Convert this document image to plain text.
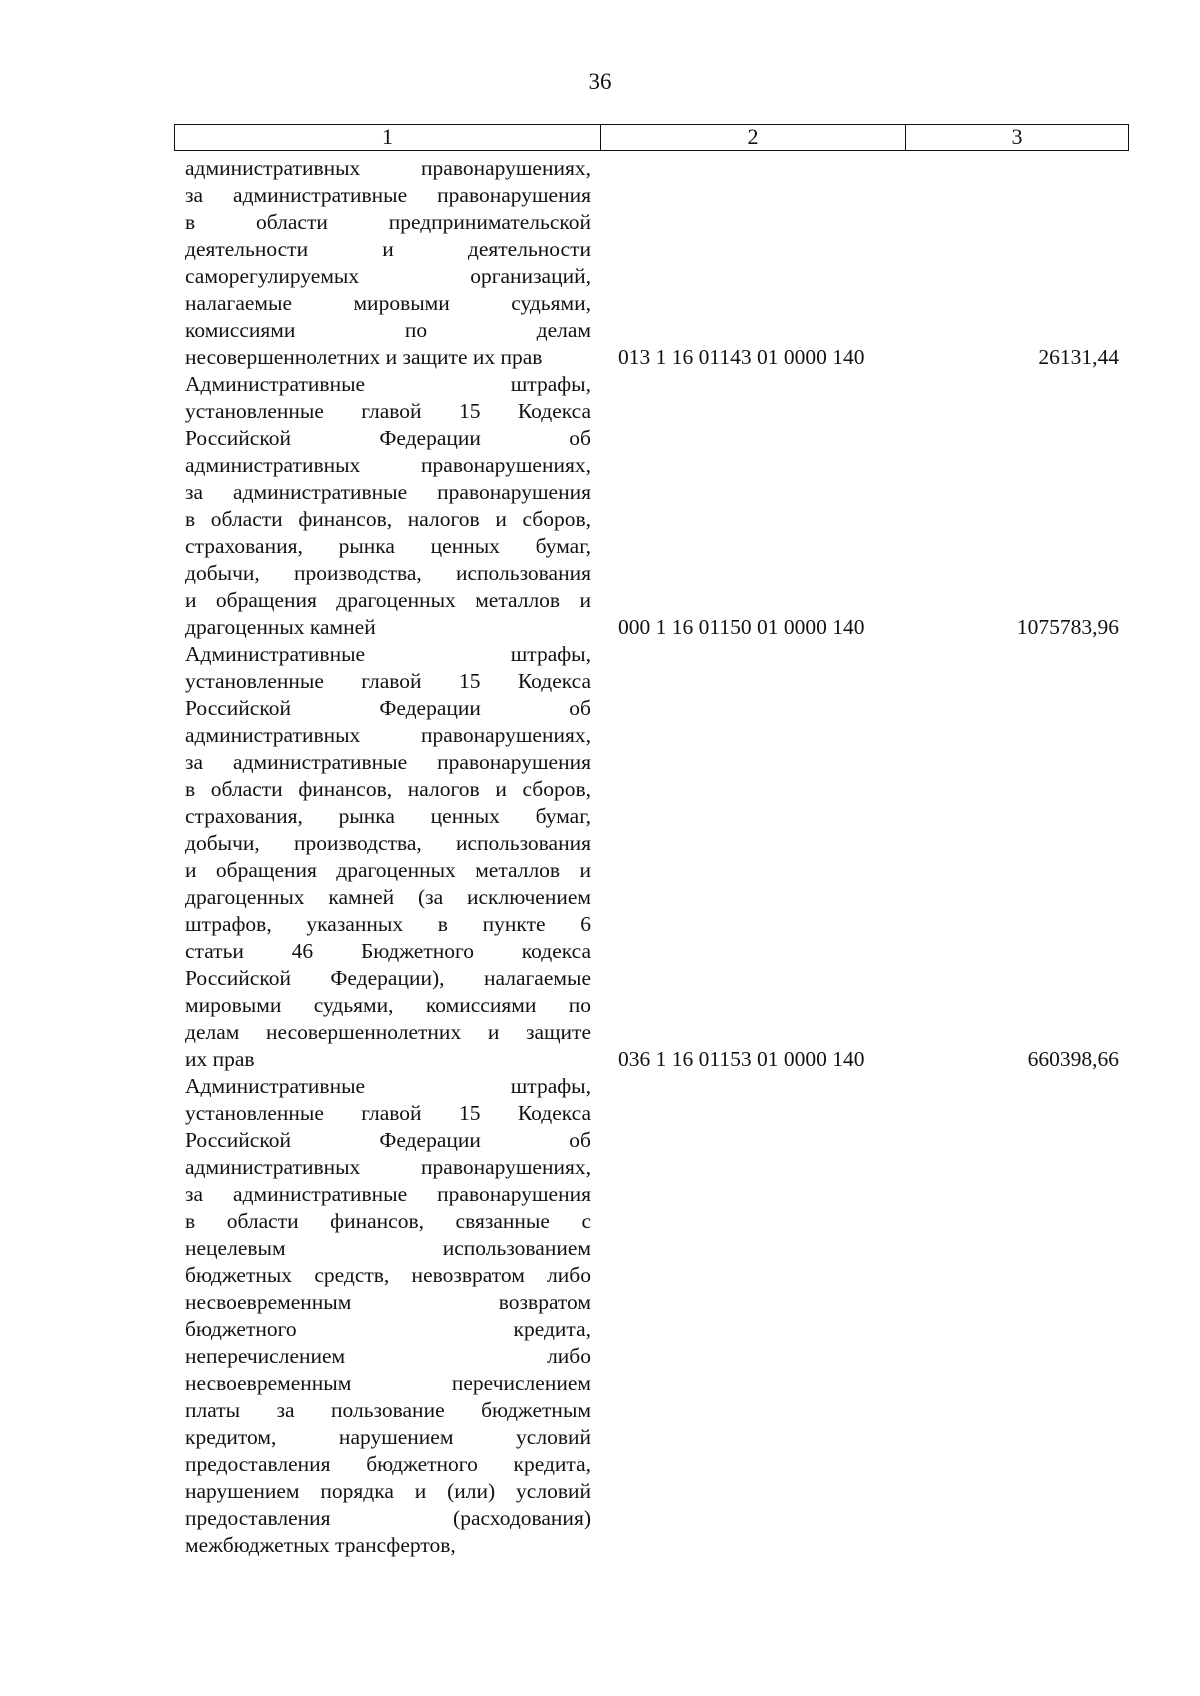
36
1	2	3
административных правонарушениях,
за административные правонарушения
в области предпринимательской
деятельности и деятельности
саморегулируемых организаций,
налагаемые мировыми судьями,
комиссиями по делам
несовершеннолетних и защите их прав	013 1 16 01143 01 0000 140	26131,44
Административные штрафы,
установленные главой 15 Кодекса
Российской Федерации об
административных правонарушениях,
за административные правонарушения
в области финансов, налогов и сборов,
страхования, рынка ценных бумаг,
добычи, производства, использования
и обращения драгоценных металлов и
драгоценных камней	000 1 16 01150 01 0000 140	1075783,96
Административные штрафы,
установленные главой 15 Кодекса
Российской Федерации об
административных правонарушениях,
за административные правонарушения
в области финансов, налогов и сборов,
страхования, рынка ценных бумаг,
добычи, производства, использования
и обращения драгоценных металлов и
драгоценных камней (за исключением
штрафов, указанных в пункте 6
статьи 46 Бюджетного кодекса
Российской Федерации), налагаемые
мировыми судьями, комиссиями по
делам несовершеннолетних и защите
их прав	036 1 16 01153 01 0000 140	660398,66
Административные штрафы,
установленные главой 15 Кодекса
Российской Федерации об
административных правонарушениях,
за административные правонарушения
в области финансов, связанные с
нецелевым использованием
бюджетных средств, невозвратом либо
несвоевременным возвратом
бюджетного кредита,
неперечислением либо
несвоевременным перечислением
платы за пользование бюджетным
кредитом, нарушением условий
предоставления бюджетного кредита,
нарушением порядка и (или) условий
предоставления (расходования)
межбюджетных трансфертов,
